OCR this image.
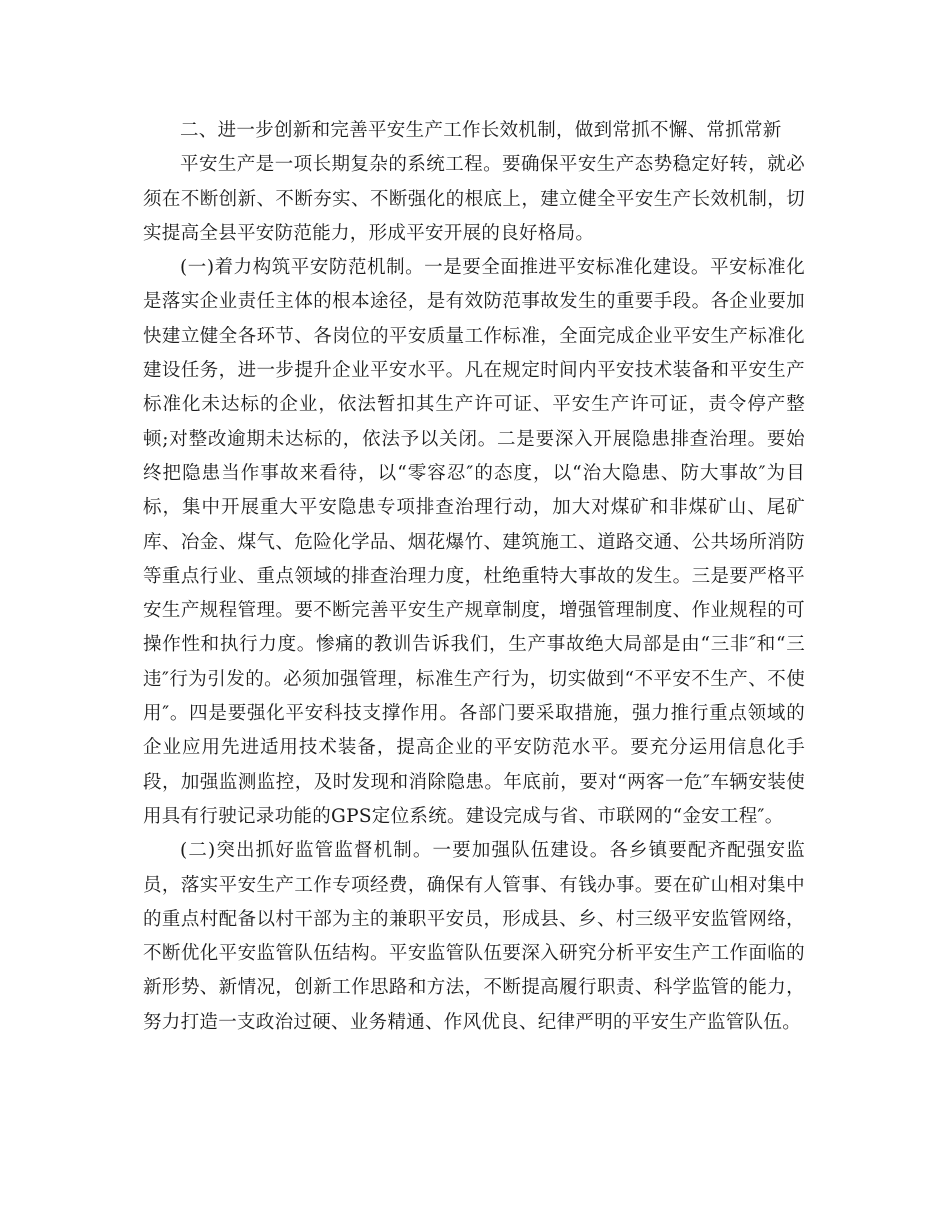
二、进一步创新和完善平安生产工作长效机制，做到常抓不懈、常抓常新

平安生产是一项长期复杂的系统工程。要确保平安生产态势稳定好转，就必须在不断创新、不断夯实、不断强化的根底上，建立健全平安生产长效机制，切实提高全县平安防范能力，形成平安开展的良好格局。

(一)着力构筑平安防范机制。一是要全面推进平安标准化建设。平安标准化是落实企业责任主体的根本途径，是有效防范事故发生的重要手段。各企业要加快建立健全各环节、各岗位的平安质量工作标准，全面完成企业平安生产标准化建设任务，进一步提升企业平安水平。凡在规定时间内平安技术装备和平安生产标准化未达标的企业，依法暂扣其生产许可证、平安生产许可证，责令停产整顿;对整改逾期未达标的，依法予以关闭。二是要深入开展隐患排查治理。要始终把隐患当作事故来看待，以“零容忍″的态度，以“治大隐患、防大事故″为目标，集中开展重大平安隐患专项排查治理行动，加大对煤矿和非煤矿山、尾矿库、冶金、煤气、危险化学品、烟花爆竹、建筑施工、道路交通、公共场所消防等重点行业、重点领域的排查治理力度，杜绝重特大事故的发生。三是要严格平安生产规程管理。要不断完善平安生产规章制度，增强管理制度、作业规程的可操作性和执行力度。惨痛的教训告诉我们，生产事故绝大局部是由“三非″和“三违″行为引发的。必须加强管理，标准生产行为，切实做到“不平安不生产、不使用″。四是要强化平安科技支撑作用。各部门要采取措施，强力推行重点领域的企业应用先进适用技术装备，提高企业的平安防范水平。要充分运用信息化手段，加强监测监控，及时发现和消除隐患。年底前，要对“两客一危″车辆安装使用具有行驶记录功能的GPS定位系统。建设完成与省、市联网的“金安工程″。

(二)突出抓好监管监督机制。一要加强队伍建设。各乡镇要配齐配强安监员，落实平安生产工作专项经费，确保有人管事、有钱办事。要在矿山相对集中的重点村配备以村干部为主的兼职平安员，形成县、乡、村三级平安监管网络，不断优化平安监管队伍结构。平安监管队伍要深入研究分析平安生产工作面临的新形势、新情况，创新工作思路和方法，不断提高履行职责、科学监管的能力，努力打造一支政治过硬、业务精通、作风优良、纪律严明的平安生产监管队伍。
